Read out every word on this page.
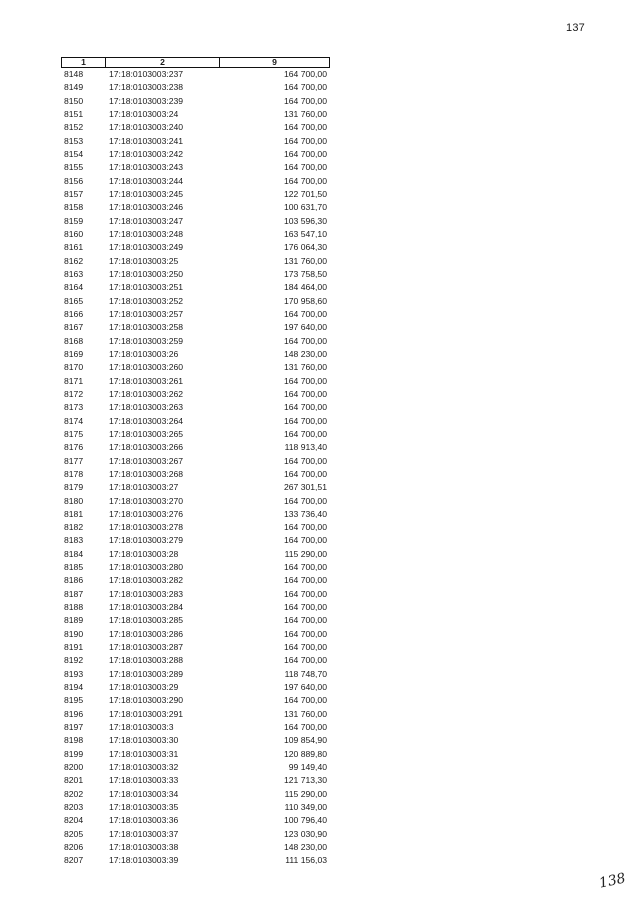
137
1	2	9
8148	17:18:0103003:237	164 700,00
8149	17:18:0103003:238	164 700,00
8150	17:18:0103003:239	164 700,00
8151	17:18:0103003:24	131 760,00
8152	17:18:0103003:240	164 700,00
8153	17:18:0103003:241	164 700,00
8154	17:18:0103003:242	164 700,00
8155	17:18:0103003:243	164 700,00
8156	17:18:0103003:244	164 700,00
8157	17:18:0103003:245	122 701,50
8158	17:18:0103003:246	100 631,70
8159	17:18:0103003:247	103 596,30
8160	17:18:0103003:248	163 547,10
8161	17:18:0103003:249	176 064,30
8162	17:18:0103003:25	131 760,00
8163	17:18:0103003:250	173 758,50
8164	17:18:0103003:251	184 464,00
8165	17:18:0103003:252	170 958,60
8166	17:18:0103003:257	164 700,00
8167	17:18:0103003:258	197 640,00
8168	17:18:0103003:259	164 700,00
8169	17:18:0103003:26	148 230,00
8170	17:18:0103003:260	131 760,00
8171	17:18:0103003:261	164 700,00
8172	17:18:0103003:262	164 700,00
8173	17:18:0103003:263	164 700,00
8174	17:18:0103003:264	164 700,00
8175	17:18:0103003:265	164 700,00
8176	17:18:0103003:266	118 913,40
8177	17:18:0103003:267	164 700,00
8178	17:18:0103003:268	164 700,00
8179	17:18:0103003:27	267 301,51
8180	17:18:0103003:270	164 700,00
8181	17:18:0103003:276	133 736,40
8182	17:18:0103003:278	164 700,00
8183	17:18:0103003:279	164 700,00
8184	17:18:0103003:28	115 290,00
8185	17:18:0103003:280	164 700,00
8186	17:18:0103003:282	164 700,00
8187	17:18:0103003:283	164 700,00
8188	17:18:0103003:284	164 700,00
8189	17:18:0103003:285	164 700,00
8190	17:18:0103003:286	164 700,00
8191	17:18:0103003:287	164 700,00
8192	17:18:0103003:288	164 700,00
8193	17:18:0103003:289	118 748,70
8194	17:18:0103003:29	197 640,00
8195	17:18:0103003:290	164 700,00
8196	17:18:0103003:291	131 760,00
8197	17:18:0103003:3	164 700,00
8198	17:18:0103003:30	109 854,90
8199	17:18:0103003:31	120 889,80
8200	17:18:0103003:32	99 149,40
8201	17:18:0103003:33	121 713,30
8202	17:18:0103003:34	115 290,00
8203	17:18:0103003:35	110 349,00
8204	17:18:0103003:36	100 796,40
8205	17:18:0103003:37	123 030,90
8206	17:18:0103003:38	148 230,00
8207	17:18:0103003:39	111 156,03
138
